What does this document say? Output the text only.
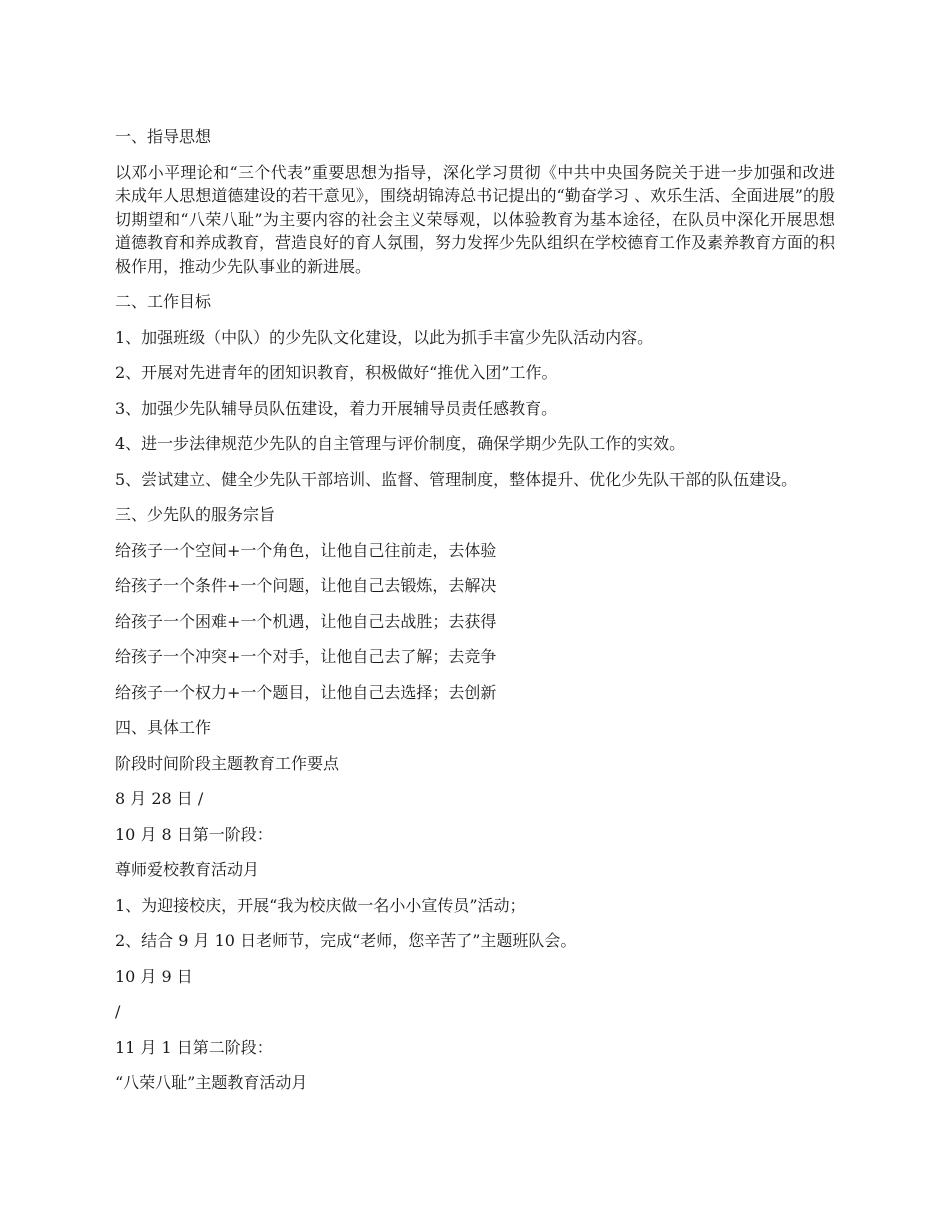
一、指导思想
以邓小平理论和“三个代表”重要思想为指导，深化学习贯彻《中共中央国务院关于进一步加强和改进未成年人思想道德建设的若干意见》，围绕胡锦涛总书记提出的“勤奋学习 、欢乐生活、全面进展”的殷切期望和“八荣八耻”为主要内容的社会主义荣辱观，以体验教育为基本途径，在队员中深化开展思想道德教育和养成教育，营造良好的育人氛围，努力发挥少先队组织在学校德育工作及素养教育方面的积极作用，推动少先队事业的新进展。
二、工作目标
1、加强班级（中队）的少先队文化建设，以此为抓手丰富少先队活动内容。
2、开展对先进青年的团知识教育，积极做好“推优入团”工作。
3、加强少先队辅导员队伍建设，着力开展辅导员责任感教育。
4、进一步法律规范少先队的自主管理与评价制度，确保学期少先队工作的实效。
5、尝试建立、健全少先队干部培训、监督、管理制度，整体提升、优化少先队干部的队伍建设。
三、少先队的服务宗旨
给孩子一个空间+一个角色，让他自己往前走，去体验
给孩子一个条件+一个问题，让他自己去锻炼，去解决
给孩子一个困难+一个机遇，让他自己去战胜；去获得
给孩子一个冲突+一个对手，让他自己去了解；去竞争
给孩子一个权力+一个题目，让他自己去选择；去创新
四、具体工作
阶段时间阶段主题教育工作要点
8 月 28 日 /
10 月 8 日第一阶段：
尊师爱校教育活动月
1、为迎接校庆，开展“我为校庆做一名小小宣传员”活动；
2、结合 9 月 10 日老师节，完成“老师，您辛苦了”主题班队会。
10 月 9 日
/
11 月 1 日第二阶段：
“八荣八耻”主题教育活动月
